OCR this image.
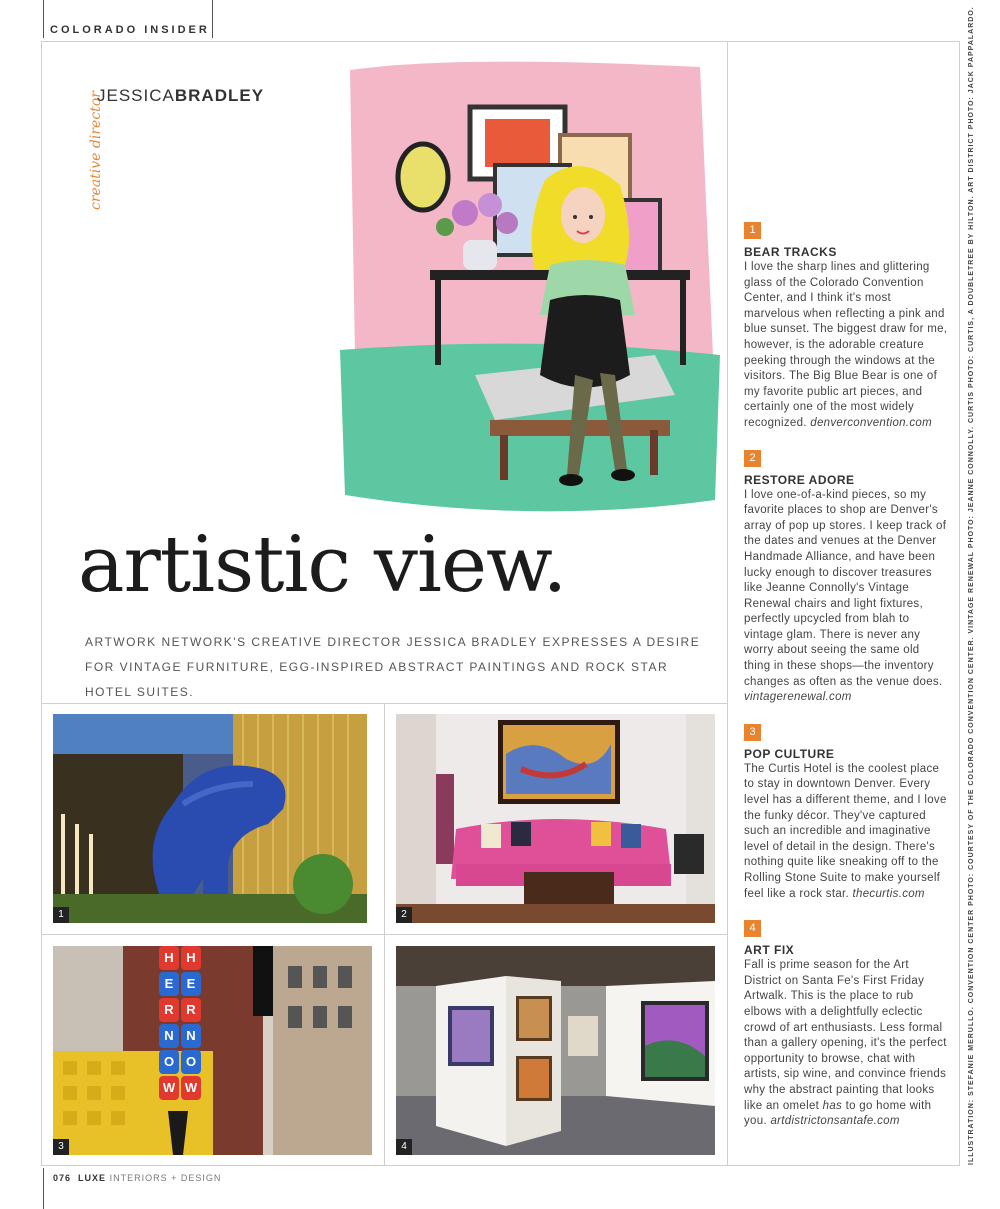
COLORADO INSIDER
JESSICABRADLEY
creative director
artistic view.
ARTWORK NETWORK'S CREATIVE DIRECTOR JESSICA BRADLEY EXPRESSES A DESIRE FOR VINTAGE FURNITURE, EGG-INSPIRED ABSTRACT PAINTINGS AND ROCK STAR HOTEL SUITES.
1	2
H H
E	E
R R
N N
O O
W W
3	4
1
BEAR TRACKS
I love the sharp lines and glittering glass of the Colorado Convention Center, and I think it's most marvelous when reflecting a pink and blue sunset. The biggest draw for me, however, is the adorable creature peeking through the windows at the visitors. The Big Blue Bear is one of my favorite public art pieces, and certainly one of the most widely recognized. denverconvention.com
2
RESTORE ADORE
I love one-of-a-kind pieces, so my favorite places to shop are Denver's array of pop up stores. I keep track of the dates and venues at the Denver Handmade Alliance, and have been lucky enough to discover treasures like Jeanne Connolly's Vintage Renewal chairs and light fixtures, perfectly upcycled from blah to vintage glam. There is never any worry about seeing the same old thing in these shops—the inventory changes as often as the venue does. vintagerenewal.com
3
POP CULTURE
The Curtis Hotel is the coolest place to stay in downtown Denver. Every level has a different theme, and I love the funky décor. They've captured such an incredible and imaginative level of detail in the design. There's nothing quite like sneaking off to the Rolling Stone Suite to make yourself feel like a rock star. thecurtis.com
4
ART FIX
Fall is prime season for the Art District on Santa Fe's First Friday Artwalk. This is the place to rub elbows with a delightfully eclectic crowd of art enthusiasts. Less formal than a gallery opening, it's the perfect opportunity to browse, chat with artists, sip wine, and convince friends why the abstract painting that looks like an omelet has to go home with you. artdistrictonsantafe.com	ILLUSTRATION: STEFANIE MERULLO. CONVENTION CENTER PHOTO: COURTESY OF THE COLORADO CONVENTION CENTER. VINTAGE RENEWAL PHOTO: JEANNE CONNOLLY. CURTIS PHOTO: CURTIS, A DOUBLETREE BY HILTON. ART DISTRICT PHOTO: JACK PAPPALARDO.
076 LUXE INTERIORS + DESIGN
